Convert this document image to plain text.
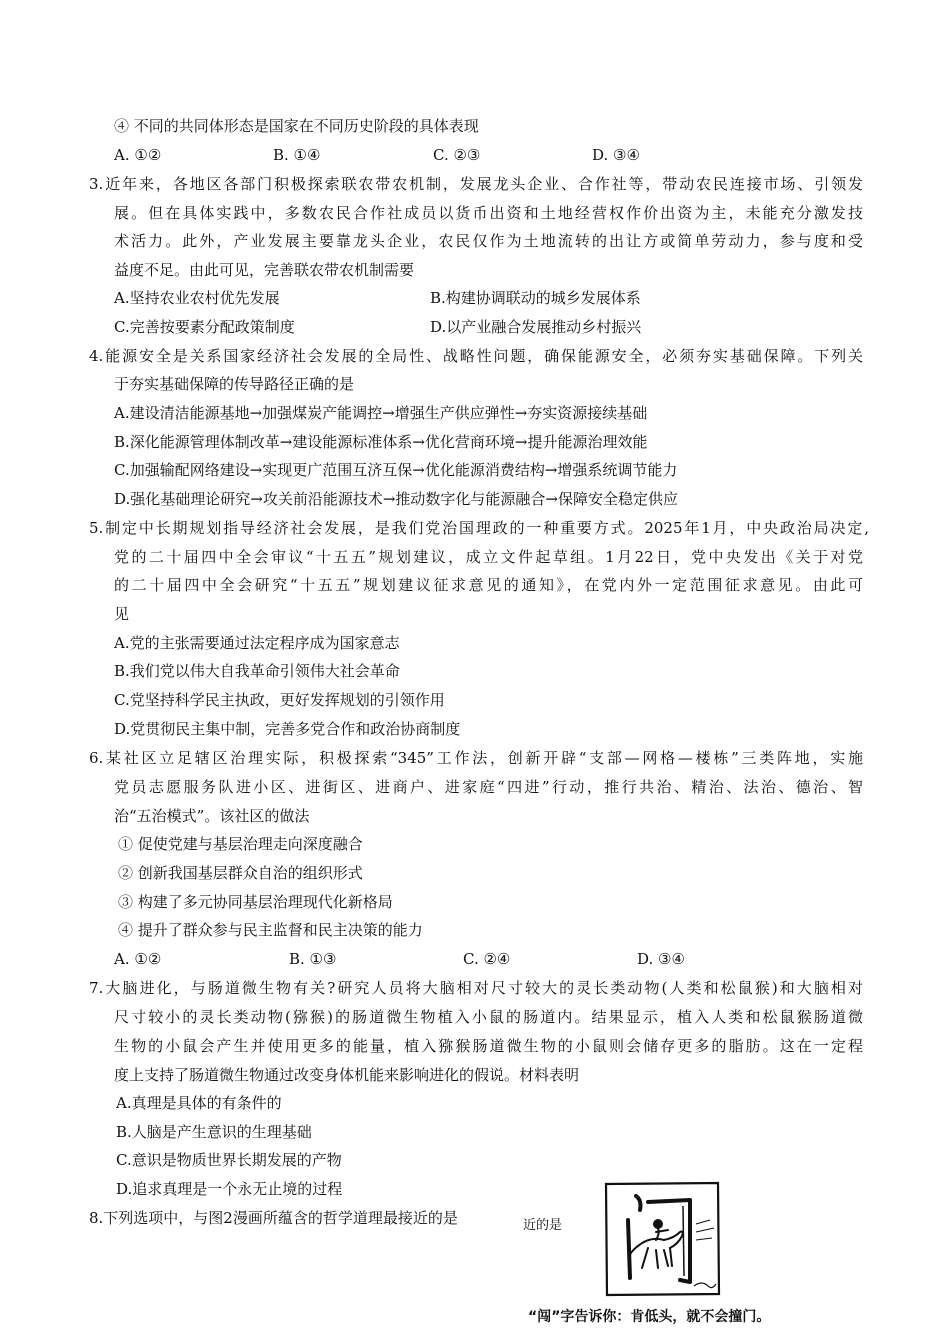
④ 不同的共同体形态是国家在不同历史阶段的具体表现
A. ①②	B. ①④	C. ②③	D. ③④
3.近年来，各地区各部门积极探索联农带农机制，发展龙头企业、合作社等，带动农民连接市场、引领发
展。但在具体实践中，多数农民合作社成员以货币出资和土地经营权作价出资为主，未能充分激发技
术活力。此外，产业发展主要靠龙头企业，农民仅作为土地流转的出让方或简单劳动力，参与度和受
益度不足。由此可见，完善联农带农机制需要
A.坚持农业农村优先发展	B.构建协调联动的城乡发展体系
C.完善按要素分配政策制度	D.以产业融合发展推动乡村振兴
4.能源安全是关系国家经济社会发展的全局性、战略性问题，确保能源安全，必须夯实基础保障。下列关
于夯实基础保障的传导路径正确的是
A.建设清洁能源基地→加强煤炭产能调控→增强生产供应弹性→夯实资源接续基础
B.深化能源管理体制改革→建设能源标准体系→优化营商环境→提升能源治理效能
C.加强输配网络建设→实现更广范围互济互保→优化能源消费结构→增强系统调节能力
D.强化基础理论研究→攻关前沿能源技术→推动数字化与能源融合→保障安全稳定供应
5.制定中长期规划指导经济社会发展，是我们党治国理政的一种重要方式。2025年1月，中央政治局决定,
党的二十届四中全会审议“十五五”规划建议，成立文件起草组。1月22日，党中央发出《关于对党
的二十届四中全会研究“十五五”规划建议征求意见的通知》，在党内外一定范围征求意见。由此可
见
A.党的主张需要通过法定程序成为国家意志
B.我们党以伟大自我革命引领伟大社会革命
C.党坚持科学民主执政，更好发挥规划的引领作用
D.党贯彻民主集中制，完善多党合作和政治协商制度
6.某社区立足辖区治理实际，积极探索“345”工作法，创新开辟“支部—网格—楼栋”三类阵地，实施
党员志愿服务队进小区、进街区、进商户、进家庭“四进”行动，推行共治、精治、法治、德治、智
治“五治模式”。该社区的做法
① 促使党建与基层治理走向深度融合
② 创新我国基层群众自治的组织形式
③ 构建了多元协同基层治理现代化新格局
④ 提升了群众参与民主监督和民主决策的能力
A. ①②	B. ①③	C. ②④	D. ③④
7.大脑进化，与肠道微生物有关?研究人员将大脑相对尺寸较大的灵长类动物(人类和松鼠猴)和大脑相对
尺寸较小的灵长类动物(猕猴)的肠道微生物植入小鼠的肠道内。结果显示，植入人类和松鼠猴肠道微
生物的小鼠会产生并使用更多的能量，植入猕猴肠道微生物的小鼠则会储存更多的脂肪。这在一定程
度上支持了肠道微生物通过改变身体机能来影响进化的假说。材料表明
A.真理是具体的有条件的
B.人脑是产生意识的生理基础
C.意识是物质世界长期发展的产物
D.追求真理是一个永无止境的过程
8.下列选项中，与图2漫画所蕴含的哲学道理最接近的是	近的是
“闯”字告诉你：肯低头，就不会撞门。
